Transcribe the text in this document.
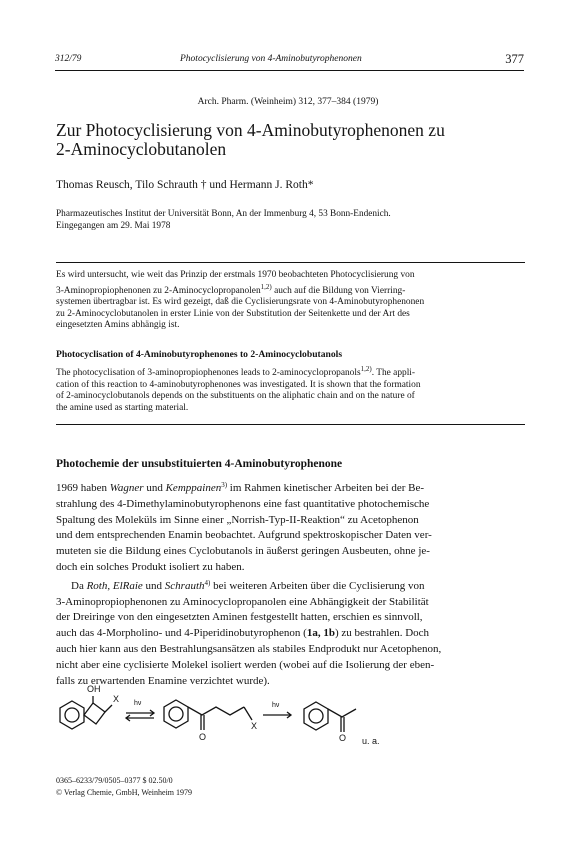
312/79	Photocyclisierung von 4-Aminobutyrophenonen	377
Arch. Pharm. (Weinheim) 312, 377–384 (1979)
Zur Photocyclisierung von 4-Aminobutyrophenonen zu
2-Aminocyclobutanolen
Thomas Reusch, Tilo Schrauth † und Hermann J. Roth*
Pharmazeutisches Institut der Universität Bonn, An der Immenburg 4, 53 Bonn-Endenich.
Eingegangen am 29. Mai 1978
Es wird untersucht, wie weit das Prinzip der erstmals 1970 beobachteten Photocyclisierung von
3-Aminopropiophenonen zu 2-Aminocyclopropanolen$^{1,2)}$ auch auf die Bildung von Vierring-
systemen übertragbar ist. Es wird gezeigt, daß die Cyclisierungsrate von 4-Aminobutyrophenonen
zu 2-Aminocyclobutanolen in erster Linie von der Substitution der Seitenkette und der Art des
eingesetzten Amins abhängig ist.
Photocyclisation of 4-Aminobutyrophenones to 2-Aminocyclobutanols
The photocyclisation of 3-aminopropiophenones leads to 2-aminocyclopropanols$^{1,2)}$. The appli-
cation of this reaction to 4-aminobutyrophenones was investigated. It is shown that the formation
of 2-aminocyclobutanols depends on the substituents on the aliphatic chain and on the nature of
the amine used as starting material.
Photochemie der unsubstituierten 4-Aminobutyrophenone

1969 haben Wagner und Kemppainen$^{3)}$ im Rahmen kinetischer Arbeiten bei der Be-
strahlung des 4-Dimethylaminobutyrophenons eine fast quantitative photochemische
Spaltung des Moleküls im Sinne einer „Norrish-Typ-II-Reaktion“ zu Acetophenon
und dem entsprechenden Enamin beobachtet. Aufgrund spektroskopischer Daten ver-
muteten sie die Bildung eines Cyclobutanols in äußerst geringen Ausbeuten, ohne je-
doch ein solches Produkt isoliert zu haben.

Da Roth, ElRaie und Schrauth$^{4)}$ bei weiteren Arbeiten über die Cyclisierung von
3-Aminopropiophenonen zu Aminocyclopropanolen eine Abhängigkeit der Stabilität
der Dreiringe von den eingesetzten Aminen festgestellt hatten, erschien es sinnvoll,
auch das 4-Morpholino- und 4-Piperidinobutyrophenon (1a, 1b) zu bestrahlen. Doch
auch hier kann aus den Bestrahlungsansätzen als stabiles Endprodukt nur Acetophenon,
nicht aber eine cyclisierte Molekel isoliert werden (wobei auf die Isolierung der eben-
falls zu erwartenden Enamine verzichtet wurde).

OH
X hν
O
X
hν
O u. a.
0365–6233/79/0505–0377 $ 02.50/0
© Verlag Chemie, GmbH, Weinheim 1979
